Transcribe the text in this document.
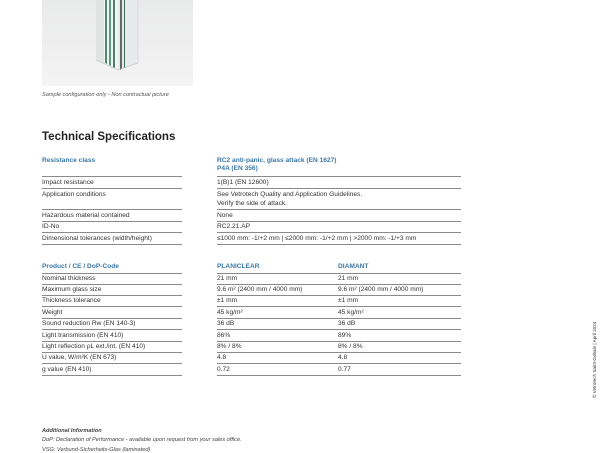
Sample configuration only - Non contractual picture
Technical Specifications
Resistance class	RC2 anti-panic, glass attack (EN 1627)
P4A (EN 356)
Impact resistance	1(B)1 (EN 12600)
Application conditions	See Vetrotech Quality and Application Guidelines.
Verify the side of attack.
Hazardous material contained	None
ID-No	RC2.21.AP
Dimensional tolerances (width/height)	≤1000 mm: -1/+2 mm | ≤2000 mm: -1/+2 mm | >2000 mm: -1/+3 mm
Product / CE / DoP-Code	PLANICLEAR	DIAMANT
Nominal thickness	21 mm	21 mm
Maximum glass size	9.6 m² (2400 mm / 4000 mm)	9.6 m² (2400 mm / 4000 mm)
Thickness tolerance	±1 mm	±1 mm
Weight	45 kg/m²	45 kg/m²
Sound reduction Rw (EN 140-3)	36 dB	36 dB
Light transmission (EN 410)	86%	89%
Light reflection ρL ext./int. (EN 410)	8% / 8%	8% / 8%
U value, W/m²K (EN 673)	4.8	4.8
g value (EN 410)	0.72	0.77
Additional Information
DoP: Declaration of Performance - available upon request from your sales office.
VSG: Verbund-Sicherheits-Glas (laminated)
© Vetrotech Saint-Gobain | April 2024
